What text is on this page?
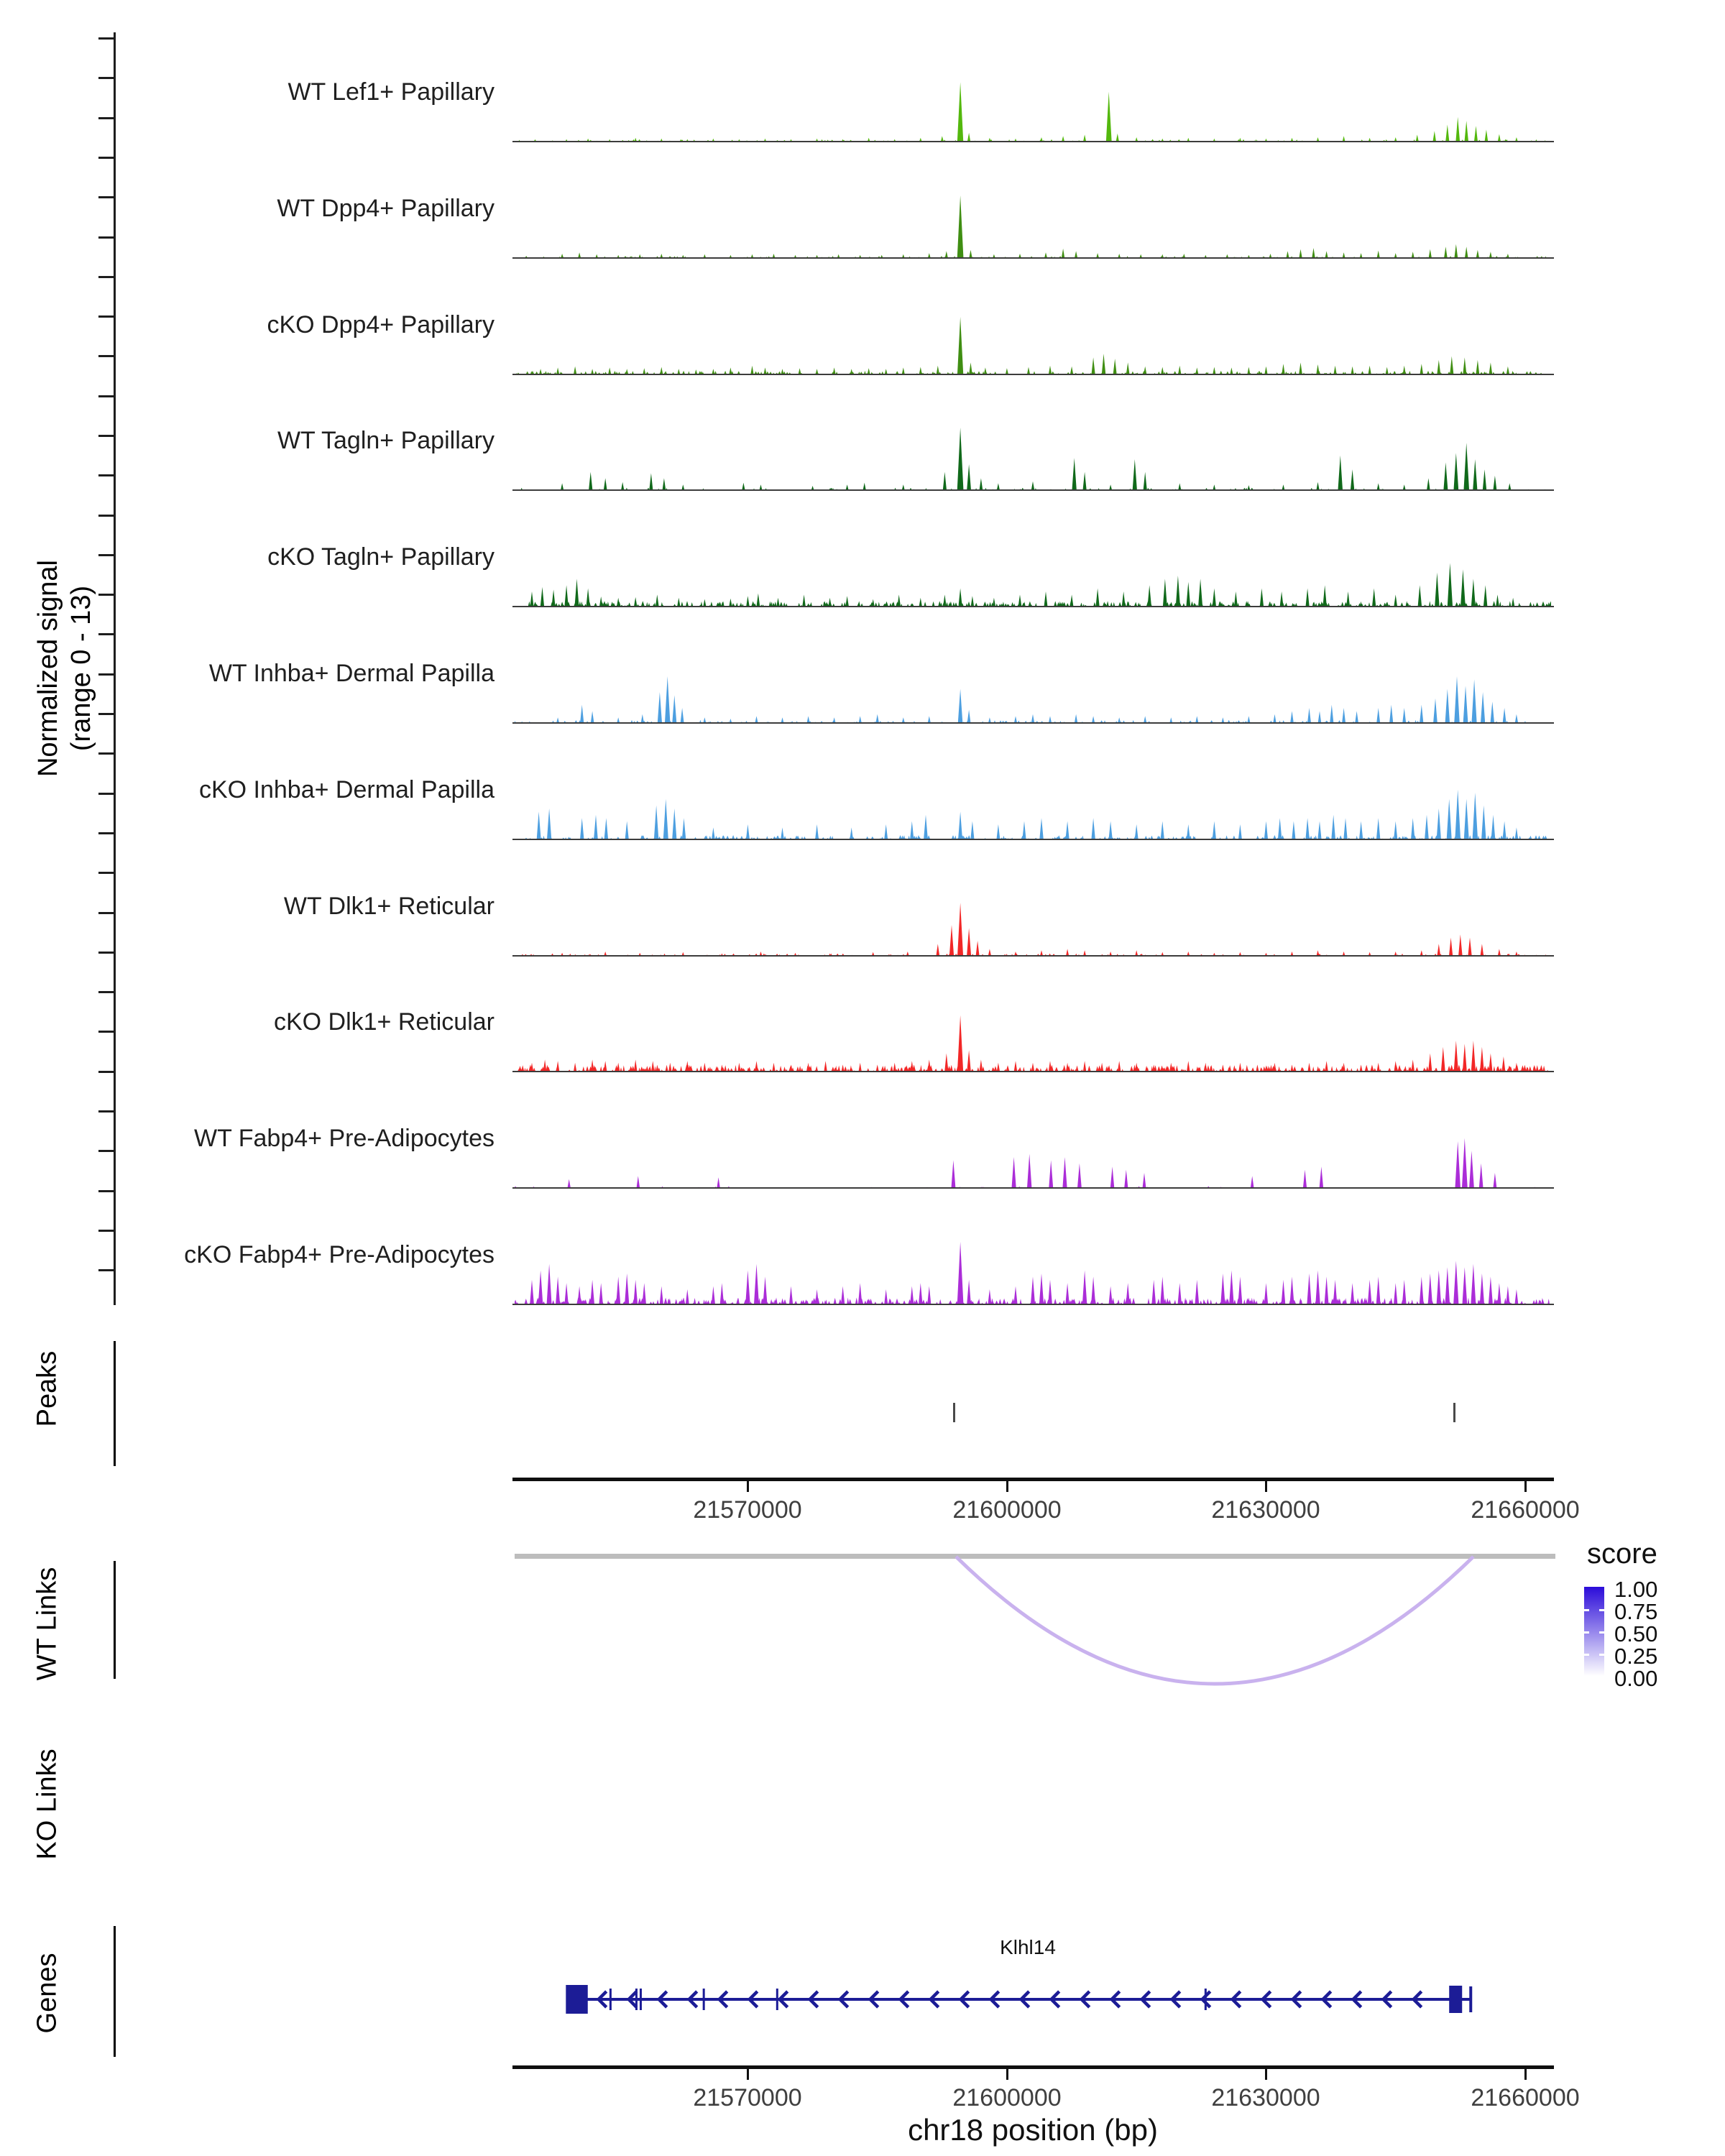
Normalized signal (range 0 - 13)
Peaks
21570000	21600000	21630000	21660000
WT Links
score
1.00
0.75
0.50
0.25
0.00
KO Links
Genes
Klhl14
21570000	21600000	21630000	21660000
chr18 position (bp)
WT Lef1+ Papillary
WT Dpp4+ Papillary
cKO Dpp4+ Papillary
WT Tagln+ Papillary
cKO Tagln+ Papillary
WT Inhba+ Dermal Papilla
cKO Inhba+ Dermal Papilla
WT Dlk1+ Reticular
cKO Dlk1+ Reticular
WT Fabp4+ Pre-Adipocytes
cKO Fabp4+ Pre-Adipocytes
